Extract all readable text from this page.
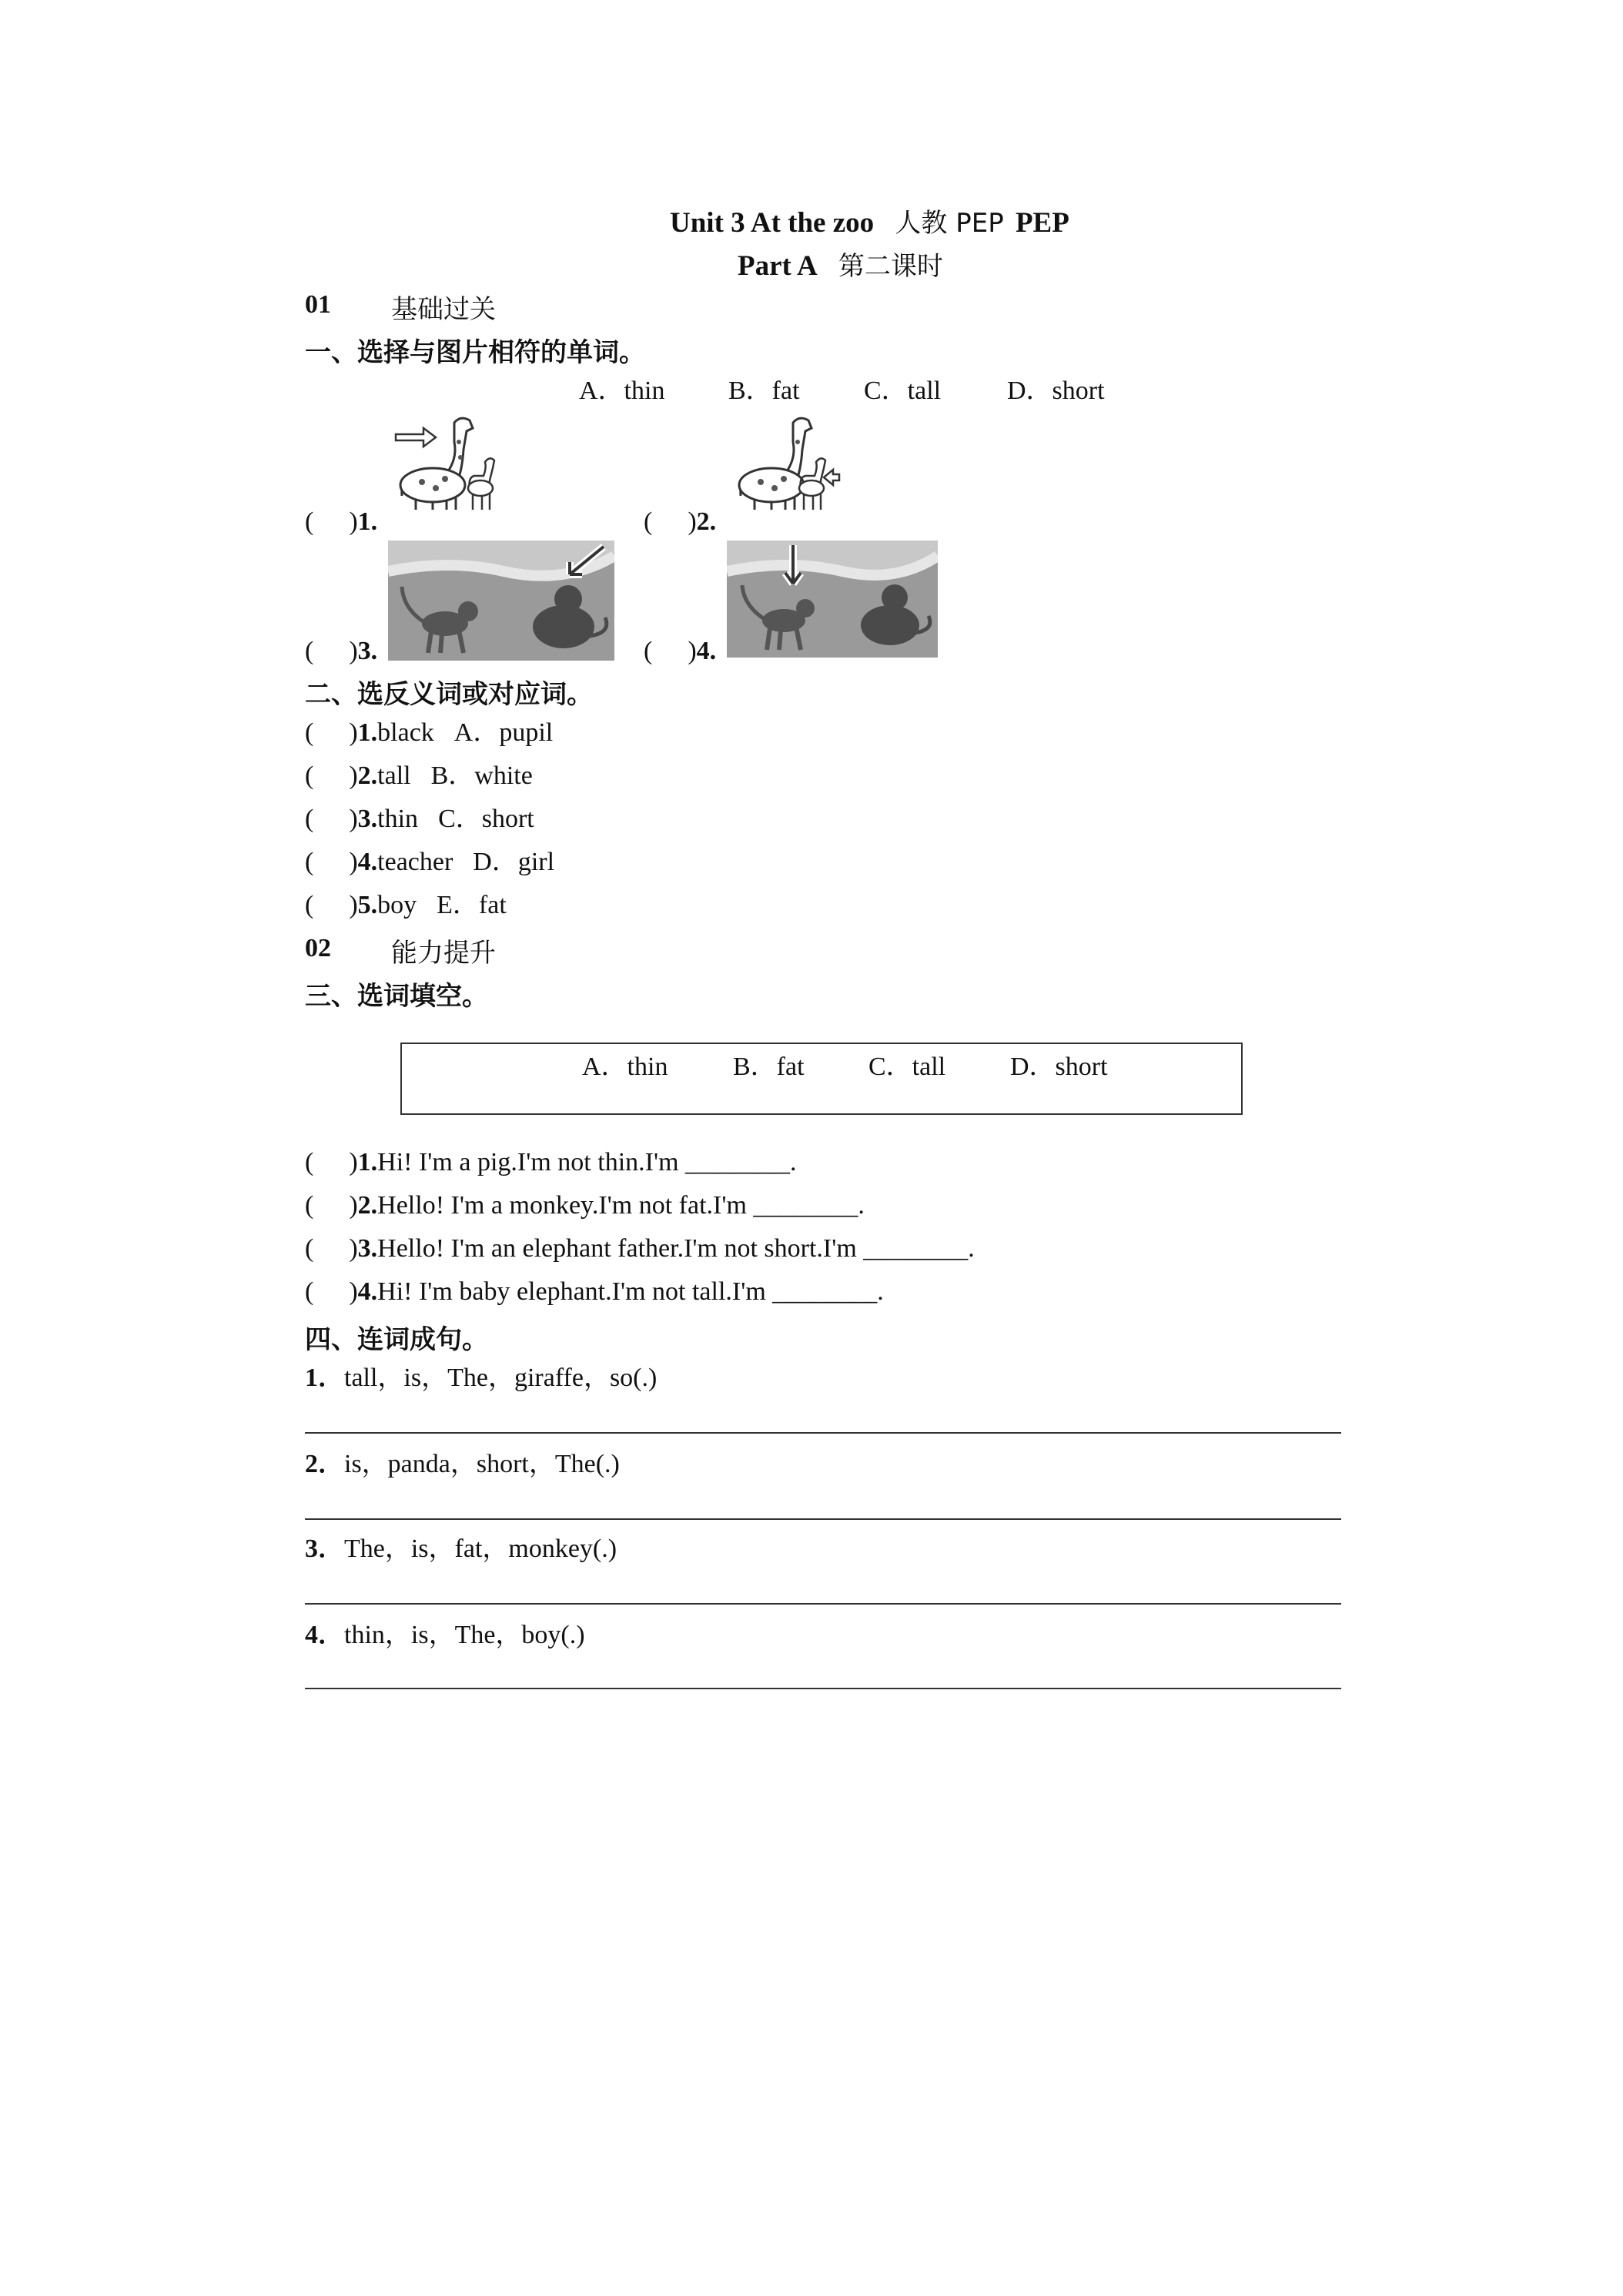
Unit 3 At the zoo 人教 PEP PEP
Part A 第二课时
01 基础过关
一、选择与图片相符的单词。
A．thin B．fat C．tall	D．short
( )1.	( )2.
( )3.	( )4.
二、选反义词或对应词。
( )1.black A．pupil
( )2.tall B．white
( )3.thin C．short
( )4.teacher D．girl
( )5.boy E．fat
02 能力提升
三、选词填空。
A．thin B．fat C．tall D．short
( )1.Hi! I'm a pig.I'm not thin.I'm ________.
( )2.Hello! I'm a monkey.I'm not fat.I'm ________.
( )3.Hello! I'm an elephant father.I'm not short.I'm ________.
( )4.Hi! I'm baby elephant.I'm not tall.I'm ________.
四、连词成句。
1．tall，is，The，giraffe，so(.)
2．is，panda，short，The(.)
3．The，is，fat，monkey(.)
4．thin，is，The，boy(.)
